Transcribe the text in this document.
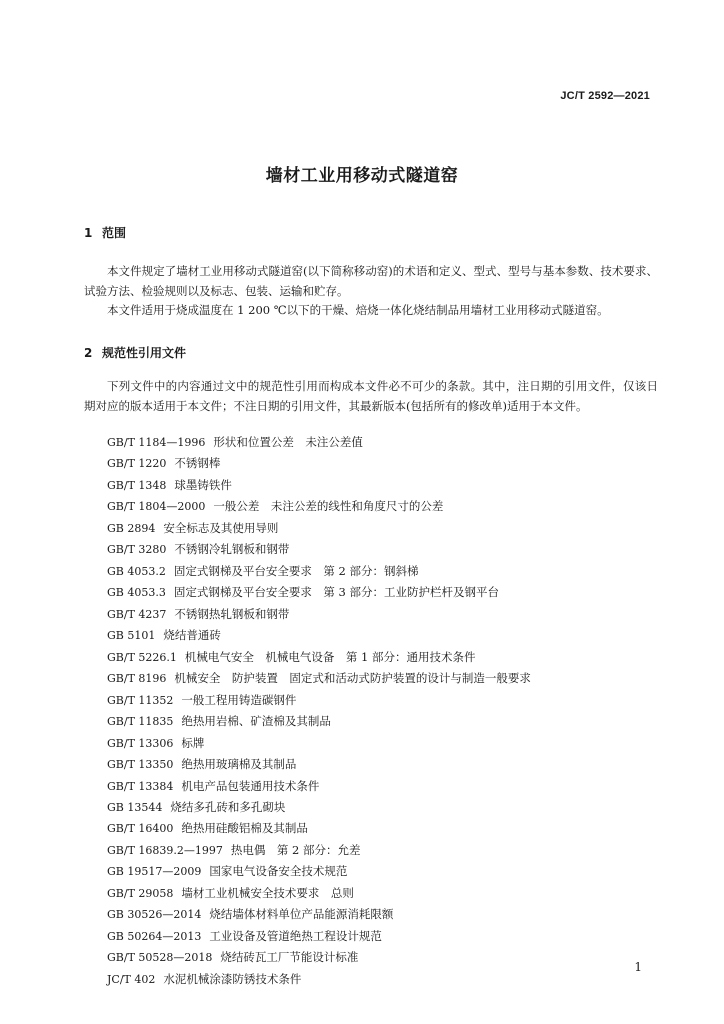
JC/T 2592—2021
墙材工业用移动式隧道窑
1 范围
本文件规定了墙材工业用移动式隧道窑(以下简称移动窑)的术语和定义、型式、型号与基本参数、技术要求、试验方法、检验规则以及标志、包装、运输和贮存。
本文件适用于烧成温度在 1 200 ℃以下的干燥、焙烧一体化烧结制品用墙材工业用移动式隧道窑。
2 规范性引用文件
下列文件中的内容通过文中的规范性引用而构成本文件必不可少的条款。其中，注日期的引用文件，仅该日期对应的版本适用于本文件；不注日期的引用文件，其最新版本(包括所有的修改单)适用于本文件。
GB/T 1184—1996 形状和位置公差　未注公差值
GB/T 1220 不锈钢棒
GB/T 1348 球墨铸铁件
GB/T 1804—2000 一般公差　未注公差的线性和角度尺寸的公差
GB 2894 安全标志及其使用导则
GB/T 3280 不锈钢冷轧钢板和钢带
GB 4053.2 固定式钢梯及平台安全要求　第 2 部分：钢斜梯
GB 4053.3 固定式钢梯及平台安全要求　第 3 部分：工业防护栏杆及钢平台
GB/T 4237 不锈钢热轧钢板和钢带
GB 5101 烧结普通砖
GB/T 5226.1 机械电气安全　机械电气设备　第 1 部分：通用技术条件
GB/T 8196 机械安全　防护装置　固定式和活动式防护装置的设计与制造一般要求
GB/T 11352 一般工程用铸造碳钢件
GB/T 11835 绝热用岩棉、矿渣棉及其制品
GB/T 13306 标牌
GB/T 13350 绝热用玻璃棉及其制品
GB/T 13384 机电产品包装通用技术条件
GB 13544 烧结多孔砖和多孔砌块
GB/T 16400 绝热用硅酸铝棉及其制品
GB/T 16839.2—1997 热电偶　第 2 部分：允差
GB 19517—2009 国家电气设备安全技术规范
GB/T 29058 墙材工业机械安全技术要求　总则
GB 30526—2014 烧结墙体材料单位产品能源消耗限额
GB 50264—2013 工业设备及管道绝热工程设计规范
GB/T 50528—2018 烧结砖瓦工厂节能设计标准
JC/T 402 水泥机械涂漆防锈技术条件
1
